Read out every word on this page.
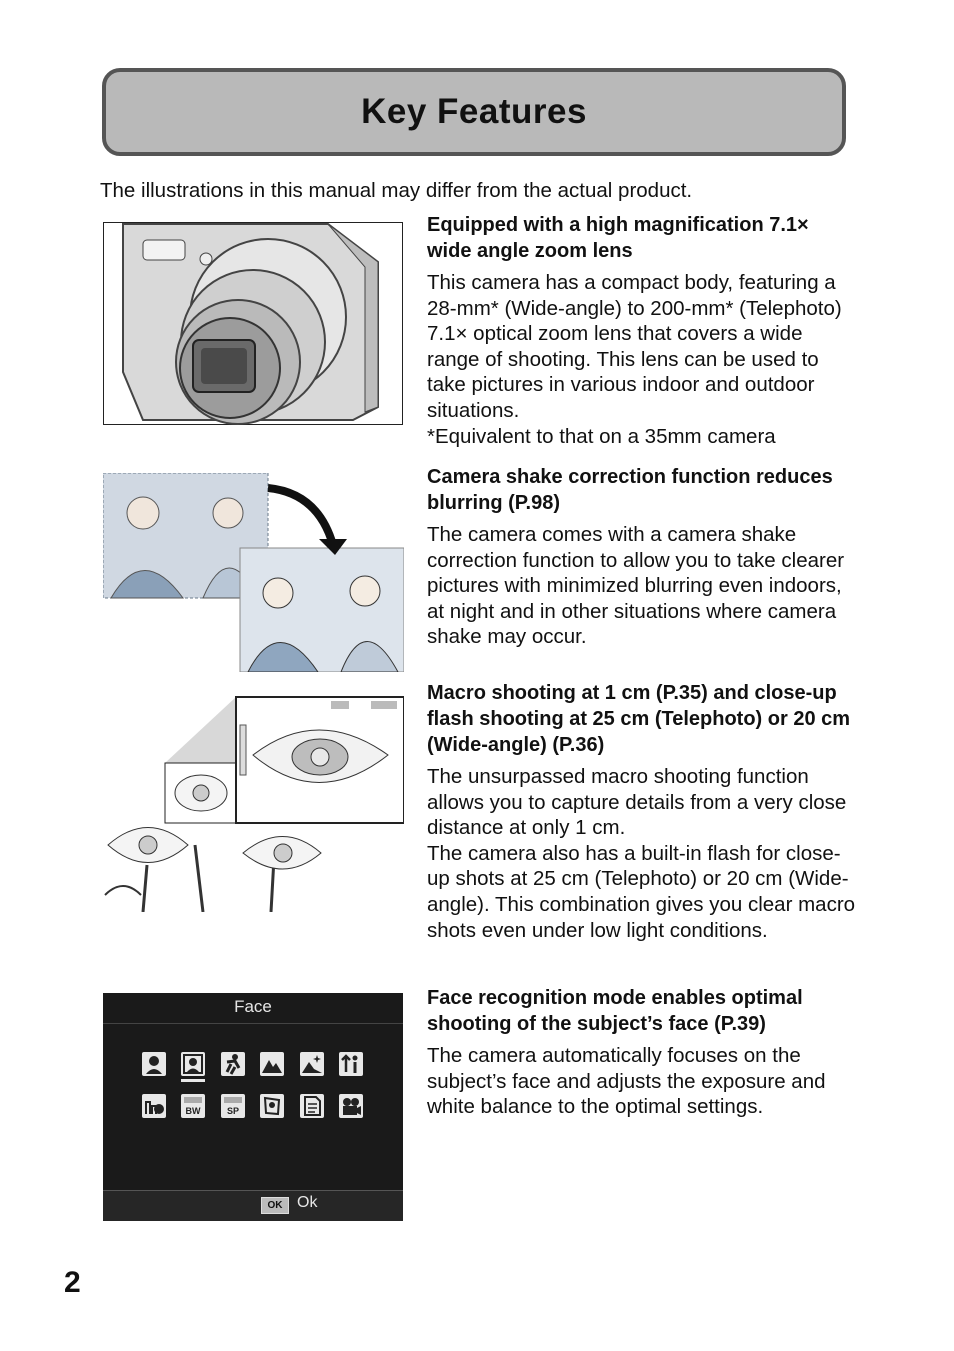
Key Features
The illustrations in this manual may differ from the actual product.
Equipped with a high magnification 7.1× wide angle zoom lens

This camera has a compact body, featuring a 28-mm* (Wide-angle) to 200-mm* (Telephoto) 7.1× optical zoom lens that covers a wide range of shooting. This lens can be used to take pictures in various indoor and outdoor situations.

*Equivalent to that on a 35mm camera

Camera shake correction function reduces blurring (P.98)

The camera comes with a camera shake correction function to allow you to take clearer pictures with minimized blurring even indoors, at night and in other situations where camera shake may occur.

Macro shooting at 1 cm (P.35) and close-up flash shooting at 25 cm (Telephoto) or 20 cm (Wide-angle) (P.36)

The unsurpassed macro shooting function allows you to capture details from a very close distance at only 1 cm.

The camera also has a built-in flash for close-up shots at 25 cm (Telephoto) or 20 cm (Wide-angle). This combination gives you clear macro shots even under low light conditions.

Face
BW	SP
OK Ok
Face recognition mode enables optimal shooting of the subject’s face (P.39)

The camera automatically focuses on the subject’s face and adjusts the exposure and white balance to the optimal settings.

2
